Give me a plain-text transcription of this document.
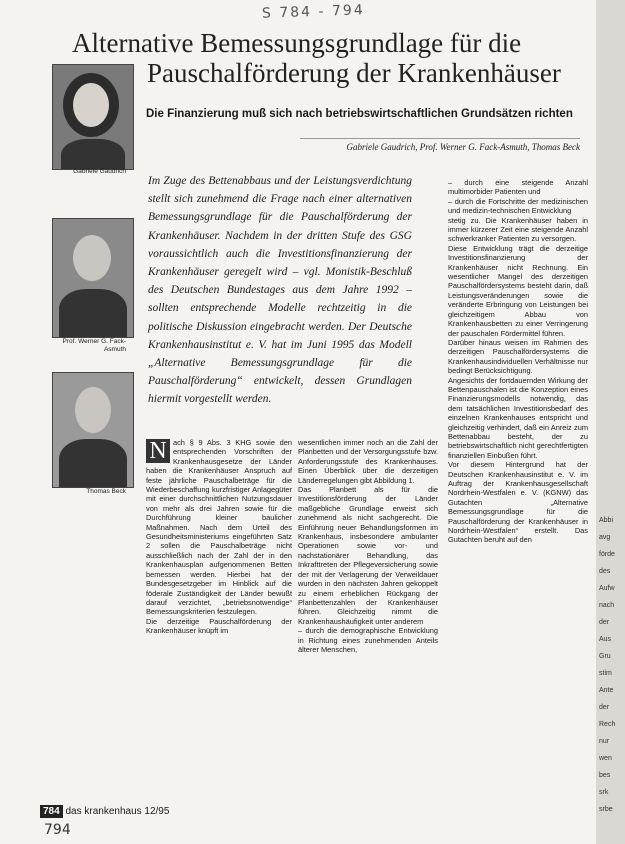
S 784 - 794
Alternative Bemessungsgrundlage für die
Pauschalförderung der Krankenhäuser
Die Finanzierung muß sich nach betriebswirtschaftlichen Grundsätzen richten
Gabriele Gaudrich, Prof. Werner G. Fack-Asmuth, Thomas Beck
Gabriele Gaudrich
Prof. Werner G. Fack-Asmuth
Thomas Beck
Im Zuge des Bettenabbaus und der Leistungsverdichtung stellt sich zunehmend die Frage nach einer alternativen Bemessungsgrundlage für die Pauschalförderung der Krankenhäuser. Nachdem in der dritten Stufe des GSG voraussichtlich auch die Investitionsfinanzierung der Krankenhäuser geregelt wird – vgl. Monistik-Beschluß des Deutschen Bundestages aus dem Jahre 1992 – sollten entsprechende Modelle rechtzeitig in die politische Diskussion eingebracht werden. Der Deutsche Krankenhausinstitut e. V. hat im Juni 1995 das Modell „Alternative Bemessungsgrundlage für die Pauschalförderung“ entwickelt, dessen Grundlagen hiermit vorgestellt werden.
N ach § 9 Abs. 3 KHG sowie den entsprechenden Vorschriften der Krankenhausgesetze der Länder haben die Krankenhäuser Anspruch auf feste jährliche Pauschalbeträge für die Wiederbeschaffung kurzfristiger Anlagegüter mit einer durchschnittlichen Nutzungsdauer von mehr als drei Jahren sowie für die Durchführung kleiner baulicher Maßnahmen. Nach dem Urteil des Gesundheitsministeriums eingeführten Satz 2 sollen die Pauschalbeträge nicht ausschließlich nach der Zahl der in den Krankenhausplan aufgenommenen Betten bemessen werden. Hierbei hat der Bundesgesetzgeber im Hinblick auf die föderale Zuständigkeit der Länder bewußt darauf verzichtet, „betriebsnotwendige“ Bemessungskriterien festzulegen.
Die derzeitige Pauschalförderung der Krankenhäuser knüpft im
wesentlichen immer noch an die Zahl der Planbetten und der Versorgungsstufe bzw. Anforderungsstufe des Krankenhauses. Einen Überblick über die derzeitigen Länderregelungen gibt Abbildung 1.
Das Planbett als für die Investitionsförderung der Länder maßgebliche Grundlage erweist sich zunehmend als nicht sachgerecht. Die Einführung neuer Behandlungsformen im Krankenhaus, insbesondere ambulanter Operationen sowie vor- und nachstationärer Behandlung, das Inkrafttreten der Pflegeversicherung sowie der mit der Verlagerung der Verweildauer wurden in den nächsten Jahren gekoppelt zu einem erheblichen Rückgang der Planbettenzahlen der Krankenhäuser führen. Gleichzeitig nimmt die Krankenhaushäufigkeit unter anderem
– durch die demographische Entwicklung in Richtung eines zunehmenden Anteils älterer Menschen,
– durch eine steigende Anzahl multimorbider Patienten und
– durch die Fortschritte der medizinischen und medizin-technischen Entwicklung
stetig zu. Die Krankenhäuser haben in immer kürzerer Zeit eine steigende Anzahl schwerkranker Patienten zu versorgen.
Diese Entwicklung trägt die derzeitige Investitionsfinanzierung der Krankenhäuser nicht Rechnung. Ein wesentlicher Mangel des derzeitigen Pauschalfördersystems besteht darin, daß Leistungsveränderungen sowie die veränderte Erbringung von Leistungen bei gleichzeitigem Abbau von Krankenhausbetten zu einer Verringerung der pauschalen Fördermittel führen.
Darüber hinaus weisen im Rahmen des derzeitigen Pauschalfördersystems die Krankenhausindividuellen Verhältnisse nur bedingt Berücksichtigung.
Angesichts der fortdauernden Wirkung der Bettenpauschalen ist die Konzeption eines Finanzierungsmodells notwendig, das dem tatsächlichen Investitionsbedarf des einzelnen Krankenhauses entspricht und gleichzeitig verhindert, daß ein Anreiz zum Bettenabbau besteht, der zu betriebswirtschaftlich nicht gerechtfertigten finanziellen Einbußen führt.
Vor diesem Hintergrund hat der Deutschen Krankenhausinstitut e. V. im Auftrag der Krankenhausgesellschaft Nordrhein-Westfalen e. V. (KGNW) das Gutachten „Alternative Bemessungsgrundlage für die Pauschalförderung der Krankenhäuser in Nordrhein-Westfalen“ erstellt. Das Gutachten beruht auf den
784 das krankenhaus 12/95
794
Abbi
avg
förde
des
Aufw
nach
der
Aus
Gru
stim
Ante
der
Rech
nur
wen
bes
srk
srbe
